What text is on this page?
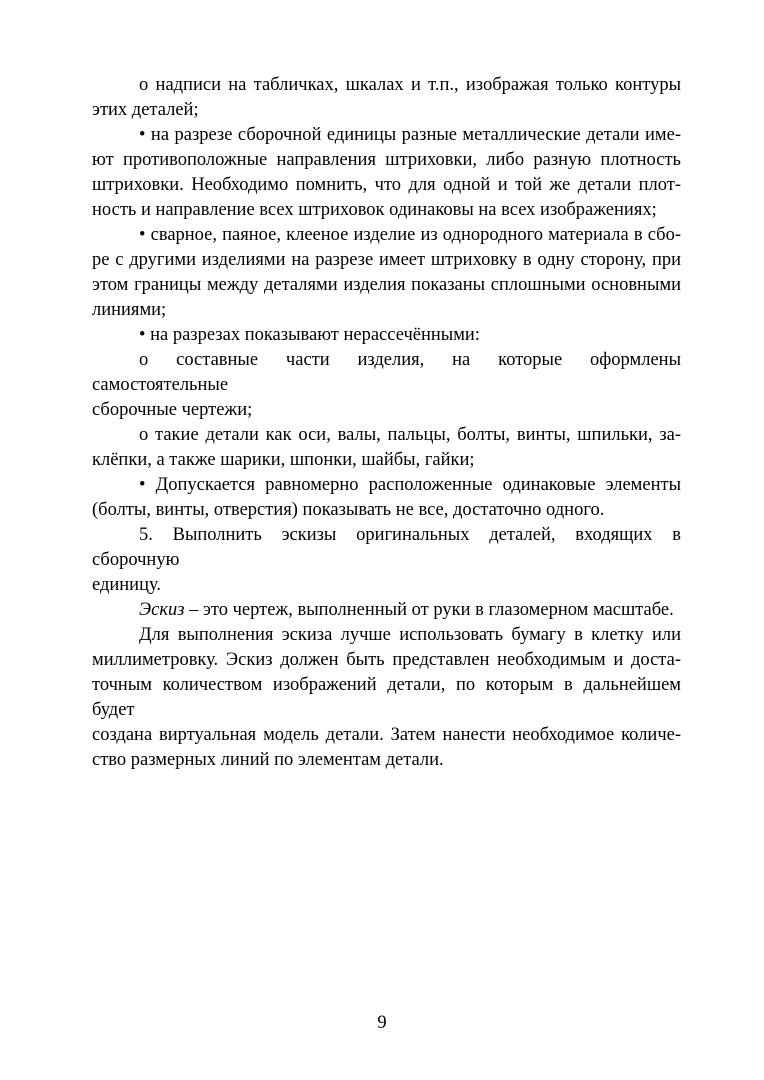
o надписи на табличках, шкалах и т.п., изображая только контуры
этих деталей;
• на разрезе сборочной единицы разные металлические детали име-
ют противоположные направления штриховки, либо разную плотность
штриховки. Необходимо помнить, что для одной и той же детали плот-
ность и направление всех штриховок одинаковы на всех изображениях;
• сварное, паяное, клееное изделие из однородного материала в сбо-
ре с другими изделиями на разрезе имеет штриховку в одну сторону, при
этом границы между деталями изделия показаны сплошными основными
линиями;
• на разрезах показывают нерассечёнными:
o составные части изделия, на которые оформлены самостоятельные
сборочные чертежи;
o такие детали как оси, валы, пальцы, болты, винты, шпильки, за-
клёпки, а также шарики, шпонки, шайбы, гайки;
• Допускается равномерно расположенные одинаковые элементы
(болты, винты, отверстия) показывать не все, достаточно одного.
5. Выполнить эскизы оригинальных деталей, входящих в сборочную
единицу.
Эскиз – это чертеж, выполненный от руки в глазомерном масштабе.
Для выполнения эскиза лучше использовать бумагу в клетку или
миллиметровку. Эскиз должен быть представлен необходимым и доста-
точным количеством изображений детали, по которым в дальнейшем будет
создана виртуальная модель детали. Затем нанести необходимое количе-
ство размерных линий по элементам детали.
9
